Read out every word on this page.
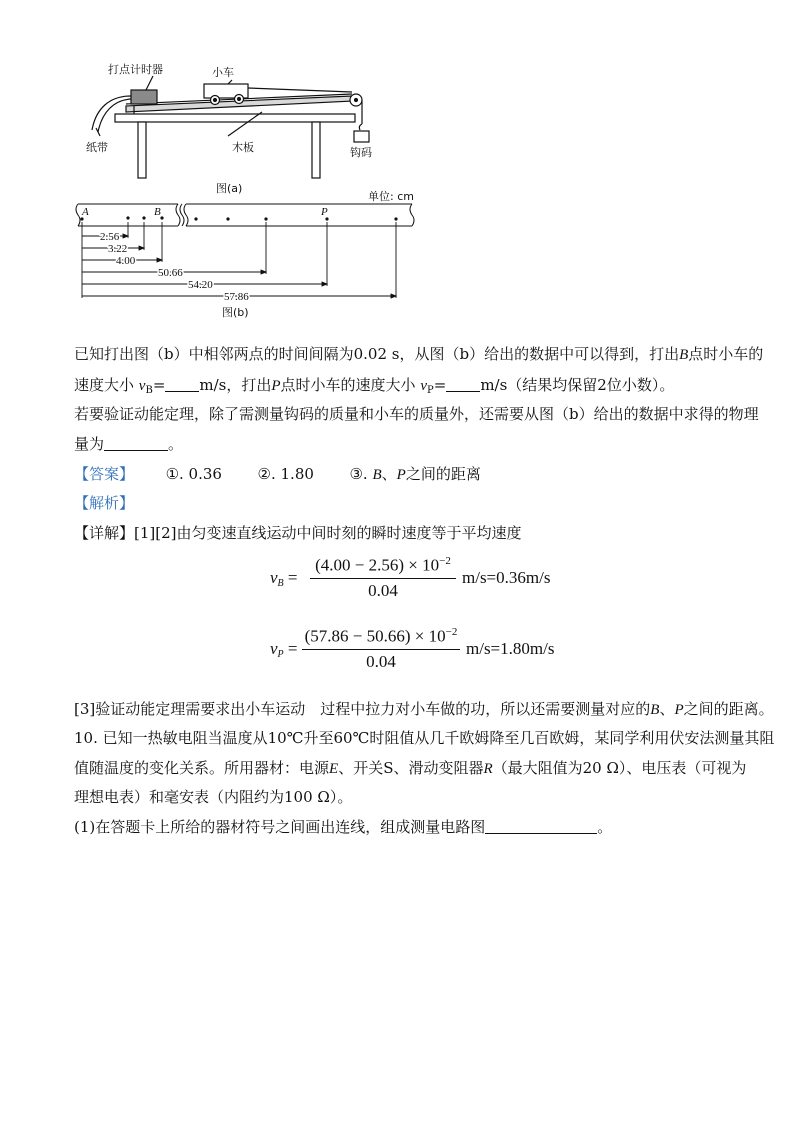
打点计时器	小车
纸带	木板	钩码
图(a)
A	B	P
单位: cm
2.56
3.22
4.00
50.66
54.20
57.86
图(b)
已知打出图（b）中相邻两点的时间间隔为0.02 s，从图（b）给出的数据中可以得到，打出B点时小车的
速度大小 $v_B= m/s$，打出P点时小车的速度大小 $v_P= m/s$（结果均保留2位小数）。
若要验证动能定理，除了需测量钩码的质量和小车的质量外，还需要从图（b）给出的数据中求得的物理
量为	。
【答案】 ①. 0.36 ②. 1.80 ③. B、P之间的距离
【解析】
【详解】[1][2]由匀变速直线运动中间时刻的瞬时速度等于平均速度
$v_B$ =
$(4.00 - 2.56) \times 10^{-2}$
0.04
m/s=0.36m/s
$v_P$ =
$(57.86 - 50.66) \times 10^{-2}$
0.04
m/s=1.80m/s
[3]验证动能定理需要求出小车运动　过程中拉力对小车做的功，所以还需要测量对应的B、P之间的距离。
10. 已知一热敏电阻当温度从10℃升至60℃时阻值从几千欧姆降至几百欧姆，某同学利用伏安法测量其阻
值随温度的变化关系。所用器材：电源E、开关S、滑动变阻器R（最大阻值为20 Ω）、电压表（可视为
理想电表）和毫安表（内阻约为100 Ω）。
(1)在答题卡上所给的器材符号之间画出连线，组成测量电路图	。
